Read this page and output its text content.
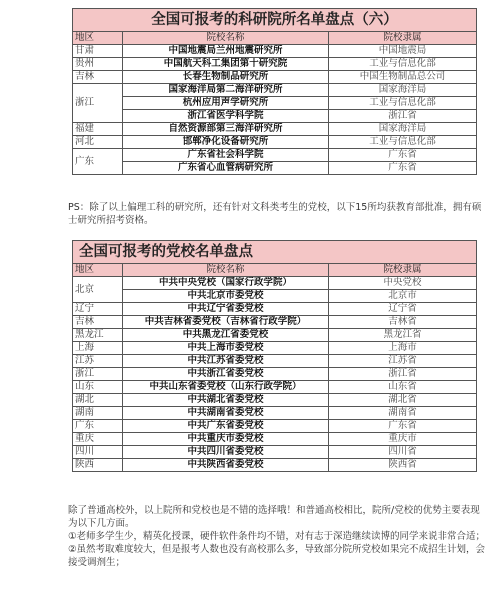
全国可报考的科研院所名单盘点（六）		
地区	院校名称	院校隶属
甘肃	中国地震局兰州地震研究所	中国地震局
贵州	中国航天科工集团第十研究院	工业与信息化部
吉林	长春生物制品研究所	中国生物制品总公司
浙江	国家海洋局第二海洋研究所	国家海洋局
	杭州应用声学研究所	工业与信息化部
	浙江省医学科学院	浙江省
福建	自然资源部第三海洋研究所	国家海洋局
河北	邯郸净化设备研究所	工业与信息化部
广东	广东省社会科学院	广东省
	广东省心血管病研究所	广东省
PS：除了以上偏理工科的研究所，还有针对文科类考生的党校，以下15所均获教育部批准，拥有硕士研究所招考资格。
全国可报考的党校名单盘点		
地区	院校名称	院校隶属
北京	中共中央党校（国家行政学院）	中央党校
	中共北京市委党校	北京市
辽宁	中共辽宁省委党校	辽宁省
吉林	中共吉林省委党校（吉林省行政学院）	吉林省
黑龙江	中共黑龙江省委党校	黑龙江省
上海	中共上海市委党校	上海市
江苏	中共江苏省委党校	江苏省
浙江	中共浙江省委党校	浙江省
山东	中共山东省委党校（山东行政学院）	山东省
湖北	中共湖北省委党校	湖北省
湖南	中共湖南省委党校	湖南省
广东	中共广东省委党校	广东省
重庆	中共重庆市委党校	重庆市
四川	中共四川省委党校	四川省
陕西	中共陕西省委党校	陕西省

除了普通高校外，以上院所和党校也是不错的选择哦！和普通高校相比，院所/党校的优势主要表现为以下几方面。

①老师多学生少，精英化授课，硬件软件条件均不错，对有志于深造继续读博的同学来说非常合适；

②虽然考取难度较大，但是报考人数也没有高校那么多，导致部分院所党校如果完不成招生计划，会接受调剂生；
